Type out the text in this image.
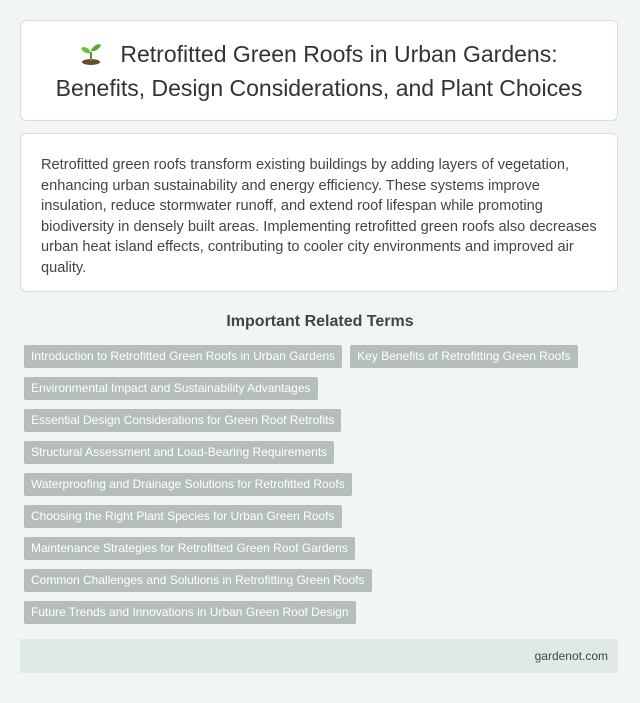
Retrofitted Green Roofs in Urban Gardens: Benefits, Design Considerations, and Plant Choices

Retrofitted green roofs transform existing buildings by adding layers of vegetation, enhancing urban sustainability and energy efficiency. These systems improve insulation, reduce stormwater runoff, and extend roof lifespan while promoting biodiversity in densely built areas. Implementing retrofitted green roofs also decreases urban heat island effects, contributing to cooler city environments and improved air quality.

Important Related Terms
Introduction to Retrofitted Green Roofs in Urban Gardens	Key Benefits of Retrofitting Green Roofs
Environmental Impact and Sustainability Advantages
Essential Design Considerations for Green Roof Retrofits
Structural Assessment and Load-Bearing Requirements
Waterproofing and Drainage Solutions for Retrofitted Roofs
Choosing the Right Plant Species for Urban Green Roofs
Maintenance Strategies for Retrofitted Green Roof Gardens
Common Challenges and Solutions in Retrofitting Green Roofs
Future Trends and Innovations in Urban Green Roof Design
gardenot.com
